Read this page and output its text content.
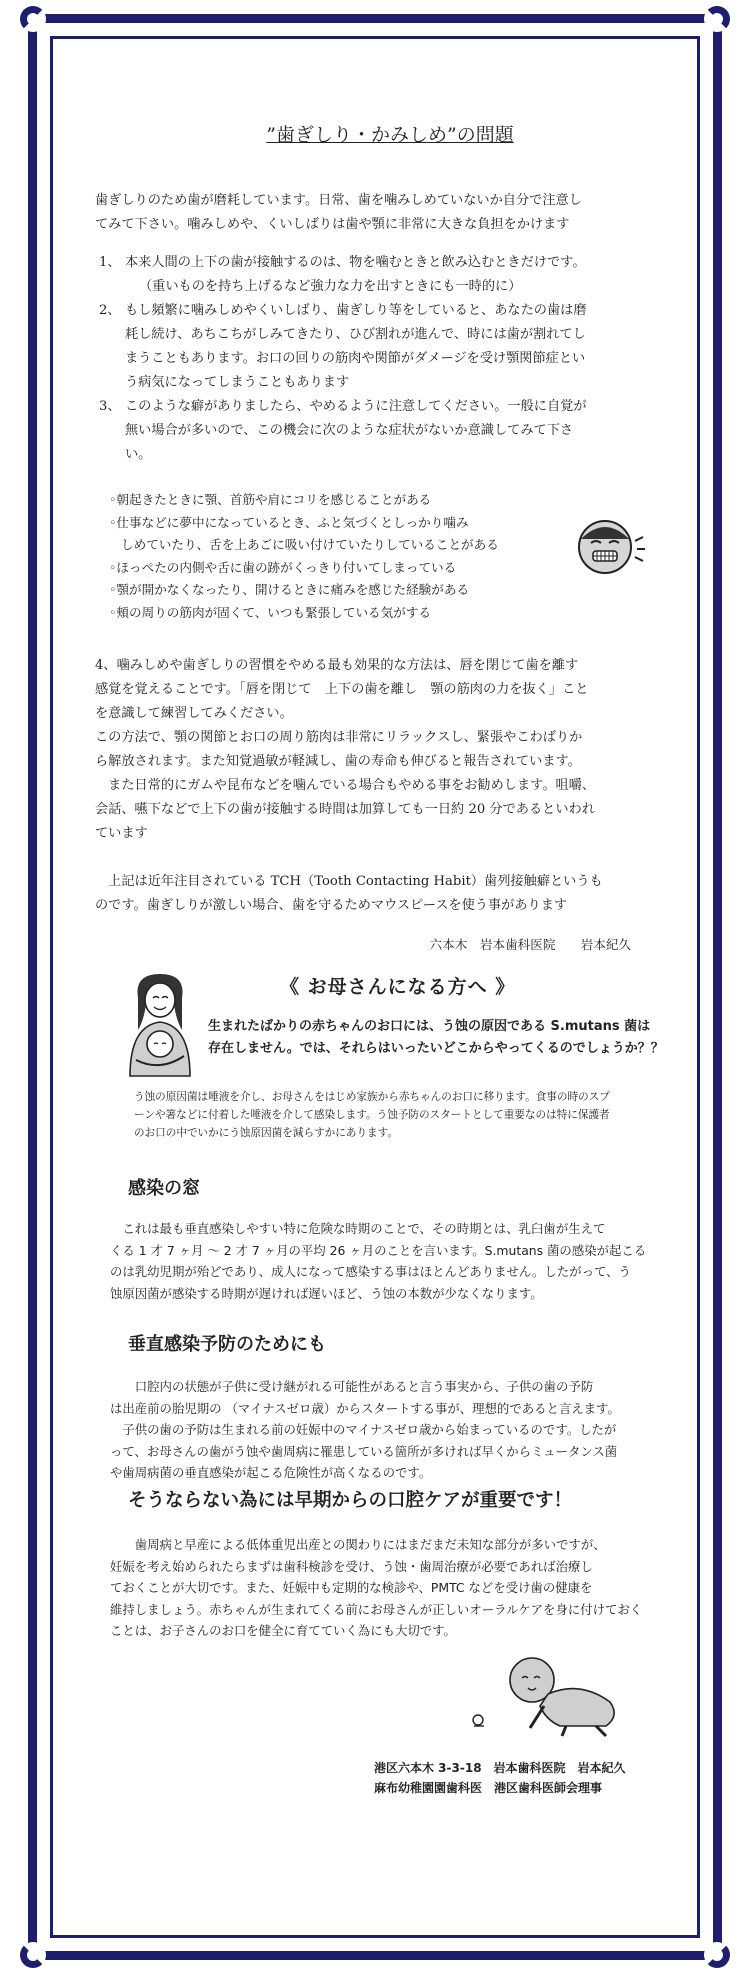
”歯ぎしり・かみしめ”の問題
歯ぎしりのため歯が磨耗しています。日常、歯を噛みしめていないか自分で注意し
てみて下さい。噛みしめや、くいしばりは歯や顎に非常に大きな負担をかけます
1、 本来人間の上下の歯が接触するのは、物を噛むときと飲み込むときだけです。
（重いものを持ち上げるなど強力な力を出すときにも一時的に）
2、 もし頻繁に噛みしめやくいしばり、歯ぎしり等をしていると、あなたの歯は磨
耗し続け、あちこちがしみてきたり、ひび割れが進んで、時には歯が割れてし
まうこともあります。お口の回りの筋肉や関節がダメージを受け顎関節症とい
う病気になってしまうこともあります
3、 このような癖がありましたら、やめるように注意してください。一般に自覚が
無い場合が多いので、この機会に次のような症状がないか意識してみて下さ
い。
◦朝起きたときに顎、首筋や肩にコリを感じることがある
◦仕事などに夢中になっているとき、ふと気づくとしっかり噛み
しめていたり、舌を上あごに吸い付けていたりしていることがある
◦ほっぺたの内側や舌に歯の跡がくっきり付いてしまっている
◦顎が開かなくなったり、開けるときに痛みを感じた経験がある
◦頰の周りの筋肉が固くて、いつも緊張している気がする
4、噛みしめや歯ぎしりの習慣をやめる最も効果的な方法は、唇を閉じて歯を離す
感覚を覚えることです。「唇を閉じて　上下の歯を離し　顎の筋肉の力を抜く」こと
を意識して練習してみください。
この方法で、顎の関節とお口の周り筋肉は非常にリラックスし、緊張やこわばりか
ら解放されます。また知覚過敏が軽減し、歯の寿命も伸びると報告されています。
　また日常的にガムや昆布などを噛んでいる場合もやめる事をお勧めします。咀嚼、
会話、嚥下などで上下の歯が接触する時間は加算しても一日約 20 分であるといわれ
ています
　上記は近年注目されている TCH（Tooth Contacting Habit）歯列接触癖というも
のです。歯ぎしりが激しい場合、歯を守るためマウスピースを使う事があります
六本木　岩本歯科医院　　岩本紀久
《 お母さんになる方へ 》
生まれたばかりの赤ちゃんのお口には、う蚀の原因である S.mutans 菌は
存在しません。では、それらはいったいどこからやってくるのでしょうか？？
う蚀の原因菌は唾液を介し、お母さんをはじめ家族から赤ちゃんのお口に移ります。食事の時のスプ
ーンや箸などに付着した唾液を介して感染します。う蚀予防のスタートとして重要なのは特に保護者
のお口の中でいかにう蚀原因菌を減らすかにあります。
感染の窓
　これは最も垂直感染しやすい特に危険な時期のことで、その時期とは、乳臼歯が生えて
くる 1 才 7 ヶ月 〜 2 才 7 ヶ月の平均 26 ヶ月のことを言います。S.mutans 菌の感染が起こる
のは乳幼児期が殆どであり、成人になって感染する事はほとんどありません。したがって、う
蚀原因菌が感染する時期が遅ければ遅いほど、う蚀の本数が少なくなります。
垂直感染予防のためにも
　　口腔内の状態が子供に受け継がれる可能性があると言う事実から、子供の歯の予防
は出産前の胎児期の （マイナスゼロ歳）からスタートする事が、理想的であると言えます。
　子供の歯の予防は生まれる前の妊娠中のマイナスゼロ歳から始まっているのです。したが
って、お母さんの歯がう蚀や歯周病に罹患している箇所が多ければ早くからミュータンス菌
や歯周病菌の垂直感染が起こる危険性が高くなるのです。
そうならない為には早期からの口腔ケアが重要です！
　　歯周病と早産による低体重児出産との関わりにはまだまだ未知な部分が多いですが、
妊娠を考え始められたらまずは歯科検診を受け、う蚀・歯周治療が必要であれば治療し
ておくことが大切です。また、妊娠中も定期的な検診や、PMTC などを受け歯の健康を
維持しましょう。赤ちゃんが生まれてくる前にお母さんが正しいオーラルケアを身に付けておく
ことは、お子さんのお口を健全に育てていく為にも大切です。
港区六本木 3-3-18　岩本歯科医院　岩本紀久
麻布幼稚園園歯科医　港区歯科医師会理事
